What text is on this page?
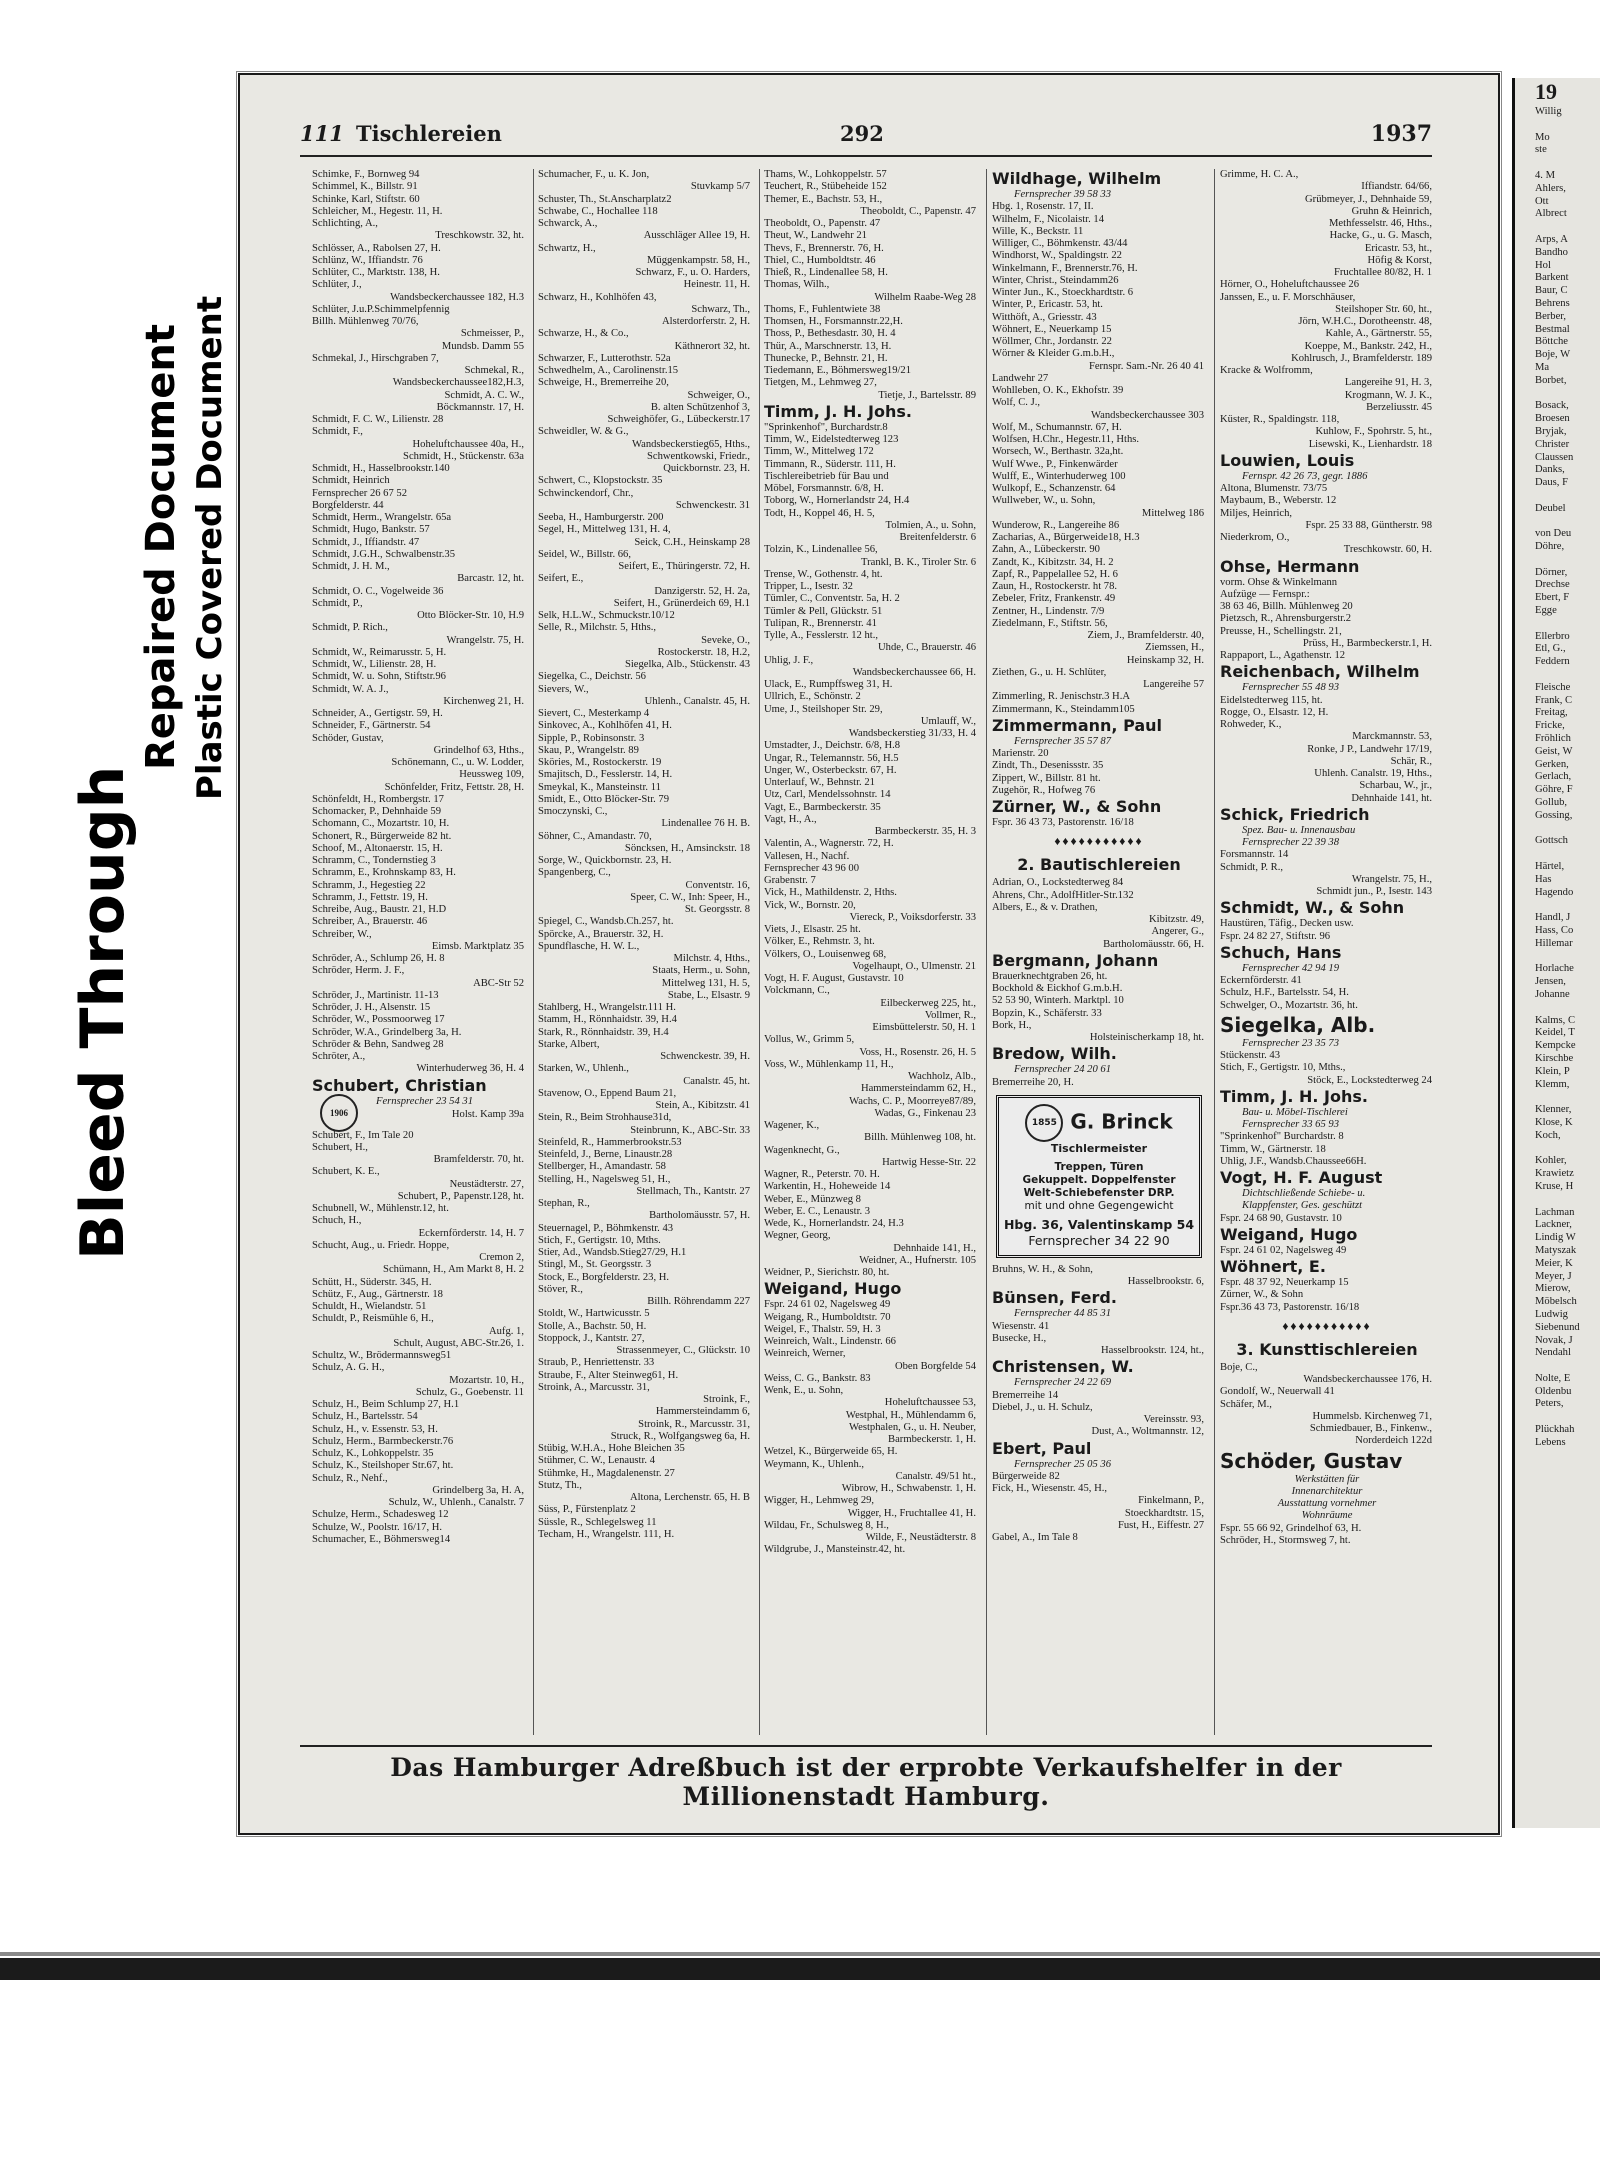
Bleed Through
Repaired Document Plastic Covered Document
111 Tischlereien	292	1937
Schimke, F., Bornweg 94
Schimmel, K., Billstr. 91
Schinke, Karl, Stiftstr. 60
Schleicher, M., Hegestr. 11, H.
Schlichting, A.,
Treschkowstr. 32, ht.
Schlösser, A., Rabolsen 27, H.
Schlünz, W., Iffiandstr. 76
Schlüter, C., Marktstr. 138, H.
Schlüter, J.,
Wandsbeckerchaussee 182, H.3
Schlüter, J.u.P.Schimmelpfennig
Billh. Mühlenweg 70/76,
Schmeisser, P.,
Mundsb. Damm 55
Schmekal, J., Hirschgraben 7,
Schmekal, R.,
Wandsbeckerchaussee182,H.3,
Schmidt, A. C. W.,
Böckmannstr. 17, H.
Schmidt, F. C. W., Lilienstr. 28
Schmidt, F.,
Hoheluftchaussee 40a, H.,
Schmidt, H., Stückenstr. 63a
Schmidt, H., Hasselbrookstr.140
Schmidt, Heinrich
Fernsprecher 26 67 52
Borgfelderstr. 44
Schmidt, Herm., Wrangelstr. 65a
Schmidt, Hugo, Bankstr. 57
Schmidt, J., Iffiandstr. 47
Schmidt, J.G.H., Schwalbenstr.35
Schmidt, J. H. M.,
Barcastr. 12, ht.
Schmidt, O. C., Vogelweide 36
Schmidt, P.,
Otto Blöcker-Str. 10, H.9
Schmidt, P. Rich.,
Wrangelstr. 75, H.
Schmidt, W., Reimarusstr. 5, H.
Schmidt, W., Lilienstr. 28, H.
Schmidt, W. u. Sohn, Stiftstr.96
Schmidt, W. A. J.,
Kirchenweg 21, H.
Schneider, A., Gertigstr. 59, H.
Schneider, F., Gärtnerstr. 54
Schöder, Gustav,
Grindelhof 63, Hths.,
Schönemann, C., u. W. Lodder,
Heussweg 109,
Schönfelder, Fritz, Fettstr. 28, H.
Schönfeldt, H., Rombergstr. 17
Schomacker, P., Dehnhaide 59
Schomann, C., Mozartstr. 10, H.
Schonert, R., Bürgerweide 82 ht.
Schoof, M., Altonaerstr. 15, H.
Schramm, C., Tondernstieg 3
Schramm, E., Krohnskamp 83, H.
Schramm, J., Hegestieg 22
Schramm, J., Fettstr. 19, H.
Schreibe, Aug., Baustr. 21, H.D
Schreiber, A., Brauerstr. 46
Schreiber, W.,
Eimsb. Marktplatz 35
Schröder, A., Schlump 26, H. 8
Schröder, Herm. J. F.,
ABC-Str 52
Schröder, J., Martinistr. 11-13
Schröder, J. H., Alsenstr. 15
Schröder, W., Possmoorweg 17
Schröder, W.A., Grindelberg 3a, H.
Schröder & Behn, Sandweg 28
Schröter, A.,
Winterhuderweg 36, H. 4
Schubert, Christian
1906
Fernsprecher 23 54 31
Holst. Kamp 39a
Schubert, F., Im Tale 20
Schubert, H.,
Bramfelderstr. 70, ht.
Schubert, K. E.,
Neustädterstr. 27,
Schubert, P., Papenstr.128, ht.
Schubnell, W., Mühlenstr.12, ht.
Schuch, H.,
Eckernförderstr. 14, H. 7
Schucht, Aug., u. Friedr. Hoppe,
Cremon 2,
Schümann, H., Am Markt 8, H. 2
Schütt, H., Süderstr. 345, H.
Schütz, F., Aug., Gärtnerstr. 18
Schuldt, H., Wielandstr. 51
Schuldt, P., Reismühle 6, H.,
Aufg. 1,
Schult, August, ABC-Str.26, 1.
Schultz, W., Brödermannsweg51
Schulz, A. G. H.,
Mozartstr. 10, H.,
Schulz, G., Goebenstr. 11
Schulz, H., Beim Schlump 27, H.1
Schulz, H., Bartelsstr. 54
Schulz, H., v. Essenstr. 53, H.
Schulz, Herm., Barmbeckerstr.76
Schulz, K., Lohkoppelstr. 35
Schulz, K., Steilshoper Str.67, ht.
Schulz, R., Nehf.,
Grindelberg 3a, H. A,
Schulz, W., Uhlenh., Canalstr. 7
Schulze, Herm., Schadesweg 12
Schulze, W., Poolstr. 16/17, H.
Schumacher, E., Böhmersweg14
Schumacher, F., u. K. Jon,
Stuvkamp 5/7
Schuster, Th., St.Anscharplatz2
Schwabe, C., Hochallee 118
Schwarck, A.,
Ausschläger Allee 19, H.
Schwartz, H.,
Müggenkampstr. 58, H.,
Schwarz, F., u. O. Harders,
Heinestr. 11, H.
Schwarz, H., Kohlhöfen 43,
Schwarz, Th.,
Alsterdorferstr. 2, H.
Schwarze, H., & Co.,
Käthnerort 32, ht.
Schwarzer, F., Lutterothstr. 52a
Schwedhelm, A., Carolinenstr.15
Schweige, H., Bremerreihe 20,
Schweiger, O.,
B. alten Schützenhof 3,
Schweighöfer, G., Lübeckerstr.17
Schweidler, W. & G.,
Wandsbeckerstieg65, Hths.,
Schwentkowski, Friedr.,
Quickbornstr. 23, H.
Schwert, C., Klopstockstr. 35
Schwinckendorf, Chr.,
Schwenckestr. 31
Seeba, H., Hamburgerstr. 200
Segel, H., Mittelweg 131, H. 4,
Seick, C.H., Heinskamp 28
Seidel, W., Billstr. 66,
Seifert, E., Thüringerstr. 72, H.
Seifert, E.,
Danzigerstr. 52, H. 2a,
Seifert, H., Grünerdeich 69, H.1
Selk, H.L.W., Schmuckstr.10/12
Selle, R., Milchstr. 5, Hths.,
Seveke, O.,
Rostockerstr. 18, H.2,
Siegelka, Alb., Stückenstr. 43
Siegelka, C., Deichstr. 56
Sievers, W.,
Uhlenh., Canalstr. 45, H.
Sievert, C., Mesterkamp 4
Sinkovec, A., Kohlhöfen 41, H.
Sipple, P., Robinsonstr. 3
Skau, P., Wrangelstr. 89
Sköries, M., Rostockerstr. 19
Smajitsch, D., Fesslerstr. 14, H.
Smeykal, K., Mansteinstr. 11
Smidt, E., Otto Blöcker-Str. 79
Smoczynski, C.,
Lindenallee 76 H. B.
Söhner, C., Amandastr. 70,
Söncksen, H., Amsinckstr. 18
Sorge, W., Quickbornstr. 23, H.
Spangenberg, C.,
Conventstr. 16,
Speer, C. W., Inh: Speer, H.,
St. Georgsstr. 8
Spiegel, C., Wandsb.Ch.257, ht.
Spörcke, A., Brauerstr. 32, H.
Spundflasche, H. W. L.,
Milchstr. 4, Hths.,
Staats, Herm., u. Sohn,
Mittelweg 131, H. 5,
Stabe, L., Elsastr. 9
Stahlberg, H., Wrangelstr.111 H.
Stamm, H., Rönnhaidstr. 39, H.4
Stark, R., Rönnhaidstr. 39, H.4
Starke, Albert,
Schwenckestr. 39, H.
Starken, W., Uhlenh.,
Canalstr. 45, ht.
Stavenow, O., Eppend Baum 21,
Stein, A., Kibitzstr. 41
Stein, R., Beim Strohhause31d,
Steinbrunn, K., ABC-Str. 33
Steinfeld, R., Hammerbrookstr.53
Steinfeld, J., Berne, Linaustr.28
Stellberger, H., Amandastr. 58
Stelling, H., Nagelsweg 51, H.,
Stellmach, Th., Kantstr. 27
Stephan, R.,
Bartholomäusstr. 57, H.
Steuernagel, P., Böhmkenstr. 43
Stich, F., Gertigstr. 10, Mths.
Stier, Ad., Wandsb.Stieg27/29, H.1
Stingl, M., St. Georgsstr. 3
Stock, E., Borgfelderstr. 23, H.
Stöver, R.,
Billh. Röhrendamm 227
Stoldt, W., Hartwicusstr. 5
Stolle, A., Bachstr. 50, H.
Stoppock, J., Kantstr. 27,
Strassenmeyer, C., Glückstr. 10
Straub, P., Henriettenstr. 33
Straube, F., Alter Steinweg61, H.
Stroink, A., Marcusstr. 31,
Stroink, F.,
Hammersteindamm 6,
Stroink, R., Marcusstr. 31,
Struck, R., Wolfgangsweg 6a, H.
Stübig, W.H.A., Hohe Bleichen 35
Stühmer, C. W., Lenaustr. 4
Stühmke, H., Magdalenenstr. 27
Stutz, Th.,
Altona, Lerchenstr. 65, H. B
Süss, P., Fürstenplatz 2
Süssle, R., Schlegelsweg 11
Techam, H., Wrangelstr. 111, H.
Thams, W., Lohkoppelstr. 57
Teuchert, R., Stübeheide 152
Themer, E., Bachstr. 53, H.,
Theoboldt, C., Papenstr. 47
Theoboldt, O., Papenstr. 47
Theut, W., Landwehr 21
Thevs, F., Brennerstr. 76, H.
Thiel, C., Humboldtstr. 46
Thieß, R., Lindenallee 58, H.
Thomas, Wilh.,
Wilhelm Raabe-Weg 28
Thoms, F., Fuhlentwiete 38
Thomsen, H., Forsmannstr.22,H.
Thoss, P., Bethesdastr. 30, H. 4
Thür, A., Marschnerstr. 13, H.
Thunecke, P., Behnstr. 21, H.
Tiedemann, E., Böhmersweg19/21
Tietgen, M., Lehmweg 27,
Tietje, J., Bartelsstr. 89
Timm, J. H. Johs.
"Sprinkenhof", Burchardstr.8
Timm, W., Eidelstedterweg 123
Timm, W., Mittelweg 172
Timmann, R., Süderstr. 111, H.
Tischlereibetrieb für Bau und
Möbel, Forsmannstr. 6/8, H.
Toborg, W., Hornerlandstr 24, H.4
Todt, H., Koppel 46, H. 5,
Tolmien, A., u. Sohn,
Breitenfelderstr. 6
Tolzin, K., Lindenallee 56,
Trankl, B. K., Tiroler Str. 6
Trense, W., Gothenstr. 4, ht.
Tripper, L., Isestr. 32
Tümler, C., Conventstr. 5a, H. 2
Tümler & Pell, Glückstr. 51
Tulipan, R., Brennerstr. 41
Tylle, A., Fesslerstr. 12 ht.,
Uhde, C., Brauerstr. 46
Uhlig, J. F.,
Wandsbeckerchaussee 66, H.
Ulack, E., Rumpffsweg 31, H.
Ullrich, E., Schönstr. 2
Ume, J., Steilshoper Str. 29,
Umlauff, W.,
Wandsbeckerstieg 31/33, H. 4
Umstadter, J., Deichstr. 6/8, H.8
Ungar, R., Telemannstr. 56, H.5
Unger, W., Osterbeckstr. 67, H.
Unterlauf, W., Behnstr. 21
Utz, Carl, Mendelssohnstr. 14
Vagt, E., Barmbeckerstr. 35
Vagt, H., A.,
Barmbeckerstr. 35, H. 3
Valentin, A., Wagnerstr. 72, H.
Vallesen, H., Nachf.
Fernsprecher 43 96 00
Grabenstr. 7
Vick, H., Mathildenstr. 2, Hths.
Vick, W., Bornstr. 20,
Viereck, P., Voiksdorferstr. 33
Viets, J., Elsastr. 25 ht.
Völker, E., Rehmstr. 3, ht.
Völkers, O., Louisenweg 68,
Vogelhaupt, O., Ulmenstr. 21
Vogt, H. F. August, Gustavstr. 10
Volckmann, C.,
Eilbeckerweg 225, ht.,
Vollmer, R.,
Eimsbüttelerstr. 50, H. 1
Vollus, W., Grimm 5,
Voss, H., Rosenstr. 26, H. 5
Voss, W., Mühlenkamp 11, H.,
Wachholz, Alb.,
Hammersteindamm 62, H.,
Wachs, C. P., Moorreye87/89,
Wadas, G., Finkenau 23
Wagener, K.,
Billh. Mühlenweg 108, ht.
Wagenknecht, G.,
Hartwig Hesse-Str. 22
Wagner, R., Peterstr. 70. H.
Warkentin, H., Hoheweide 14
Weber, E., Münzweg 8
Weber, E. C., Lenaustr. 3
Wede, K., Hornerlandstr. 24, H.3
Wegner, Georg,
Dehnhaide 141, H.,
Weidner, A., Hufnerstr. 105
Weidner, P., Sierichstr. 80, ht.
Weigand, Hugo
Fspr. 24 61 02, Nagelsweg 49
Weigang, R., Humboldtstr. 70
Weigel, F., Thalstr. 59, H. 3
Weinreich, Walt., Lindenstr. 66
Weinreich, Werner,
Oben Borgfelde 54
Weiss, C. G., Bankstr. 83
Wenk, E., u. Sohn,
Hoheluftchaussee 53,
Westphal, H., Mühlendamm 6,
Westphalen, G., u. H. Neuber,
Barmbeckerstr. 1, H.
Wetzel, K., Bürgerweide 65, H.
Weymann, K., Uhlenh.,
Canalstr. 49/51 ht.,
Wibrow, H., Schwabenstr. 1, H.
Wigger, H., Lehmweg 29,
Wigger, H., Fruchtallee 41, H.
Wildau, Fr., Schulsweg 8, H.,
Wilde, F., Neustädterstr. 8
Wildgrube, J., Mansteinstr.42, ht.
Wildhage, Wilhelm
Fernsprecher 39 58 33
Hbg. 1, Rosenstr. 17, II.
Wilhelm, F., Nicolaistr. 14
Wille, K., Beckstr. 11
Williger, C., Böhmkenstr. 43/44
Windhorst, W., Spaldingstr. 22
Winkelmann, F., Brennerstr.76, H.
Winter, Christ., Steindamm26
Winter Jun., K., Stoeckhardtstr. 6
Winter, P., Ericastr. 53, ht.
Witthöft, A., Griesstr. 43
Wöhnert, E., Neuerkamp 15
Wöllmer, Chr., Jordanstr. 22
Wörner & Kleider G.m.b.H.,
Fernspr. Sam.-Nr. 26 40 41
Landwehr 27
Wohlleben, O. K., Ekhofstr. 39
Wolf, C. J.,
Wandsbeckerchaussee 303
Wolf, M., Schumannstr. 67, H.
Wolfsen, H.Chr., Hegestr.11, Hths.
Worsech, W., Berthastr. 32a,ht.
Wulf Wwe., P., Finkenwärder
Wulff, E., Winterhuderweg 100
Wulkopf, E., Schanzenstr. 64
Wullweber, W., u. Sohn,
Mittelweg 186
Wunderow, R., Langereihe 86
Zacharias, A., Bürgerweide18, H.3
Zahn, A., Lübeckerstr. 90
Zandt, K., Kibitzstr. 34, H. 2
Zapf, R., Pappelallee 52, H. 6
Zaun, H., Rostockerstr. ht 78.
Zebeler, Fritz, Frankenstr. 49
Zentner, H., Lindenstr. 7/9
Ziedelmann, F., Stiftstr. 56,
Ziem, J., Bramfelderstr. 40,
Ziemssen, H.,
Heinskamp 32, H.
Ziethen, G., u. H. Schlüter,
Langereihe 57
Zimmerling, R. Jenischstr.3 H.A
Zimmermann, K., Steindamm105
Zimmermann, Paul
Fernsprecher 35 57 87
Marienstr. 20
Zindt, Th., Desenissstr. 35
Zippert, W., Billstr. 81 ht.
Zugehör, R., Hofweg 76
Zürner, W., & Sohn
Fspr. 36 43 73, Pastorenstr. 16/18
♦♦♦♦♦♦♦♦♦♦♦
2. Bautischlereien
Adrian, O., Lockstedterweg 84
Ahrens, Chr., AdolfHitler-Str.132
Albers, E., & v. Drathen,
Kibitzstr. 49,
Angerer, G.,
Bartholomäusstr. 66, H.
Bergmann, Johann
Brauerknechtgraben 26, ht.
Bockhold & Eickhof G.m.b.H.
52 53 90, Winterh. Marktpl. 10
Bopzin, K., Schäferstr. 33
Bork, H.,
Holsteinischerkamp 18, ht.
Bredow, Wilh.
Fernsprecher 24 20 61
Bremerreihe 20, H.
1855 G. Brinck
Tischlermeister
Treppen, Türen
Gekuppelt. Doppelfenster
Welt-Schiebefenster DRP.
mit und ohne Gegengewicht
Hbg. 36, Valentinskamp 54
Fernsprecher 34 22 90
Bruhns, W. H., & Sohn,
Hasselbrookstr. 6,
Bünsen, Ferd.
Fernsprecher 44 85 31
Wiesenstr. 41
Busecke, H.,
Hasselbrookstr. 124, ht.,
Christensen, W.
Fernsprecher 24 22 69
Bremerreihe 14
Diebel, J., u. H. Schulz,
Vereinsstr. 93,
Dust, A., Woltmannstr. 12,
Ebert, Paul
Fernsprecher 25 05 36
Bürgerweide 82
Fick, H., Wiesenstr. 45, H.,
Finkelmann, P.,
Stoeckhardtstr. 15,
Fust, H., Eiffestr. 27
Gabel, A., Im Tale 8
Grimme, H. C. A.,
Iffiandstr. 64/66,
Grübmeyer, J., Dehnhaide 59,
Gruhn & Heinrich,
Methfesselstr. 46, Hths.,
Hacke, G., u. G. Masch,
Ericastr. 53, ht.,
Höfig & Korst,
Fruchtallee 80/82, H. 1
Hörner, O., Hoheluftchaussee 26
Janssen, E., u. F. Morschhäuser,
Steilshoper Str. 60, ht.,
Jörn, W.H.C., Dorotheenstr. 48,
Kahle, A., Gärtnerstr. 55,
Koeppe, M., Bankstr. 242, H.,
Kohlrusch, J., Bramfelderstr. 189
Kracke & Wolfromm,
Langereihe 91, H. 3,
Krogmann, W. J. K.,
Berzeliusstr. 45
Küster, R., Spaldingstr. 118,
Kuhlow, F., Spohrstr. 5, ht.,
Lisewski, K., Lienhardstr. 18
Louwien, Louis
Fernspr. 42 26 73, gegr. 1886
Altona, Blumenstr. 73/75
Maybaum, B., Weberstr. 12
Miljes, Heinrich,
Fspr. 25 33 88, Güntherstr. 98
Niederkrom, O.,
Treschkowstr. 60, H.
Ohse, Hermann
vorm. Ohse & Winkelmann
Aufzüge — Fernspr.:
38 63 46, Billh. Mühlenweg 20
Pietzsch, R., Ahrensburgerstr.2
Preusse, H., Schellingstr. 21,
Prüss, H., Barmbeckerstr.1, H.
Rappaport, L., Agathenstr. 12
Reichenbach, Wilhelm
Fernsprecher 55 48 93
Eidelstedterweg 115, ht.
Rogge, O., Elsastr. 12, H.
Rohweder, K.,
Marckmannstr. 53,
Ronke, J P., Landwehr 17/19,
Schär, R.,
Uhlenh. Canalstr. 19, Hths.,
Scharbau, W., jr.,
Dehnhaide 141, ht.
Schick, Friedrich
Spez. Bau- u. Innenausbau
Fernsprecher 22 39 38
Forsmannstr. 14
Schmidt, P. R.,
Wrangelstr. 75, H.,
Schmidt jun., P., Isestr. 143
Schmidt, W., & Sohn
Haustüren, Täfig., Decken usw.
Fspr. 24 82 27, Stiftstr. 96
Schuch, Hans
Fernsprecher 42 94 19
Eckernförderstr. 41
Schulz, H.F., Bartelsstr. 54, H.
Schwelger, O., Mozartstr. 36, ht.
Siegelka, Alb.
Fernsprecher 23 35 73
Stückenstr. 43
Stich, F., Gertigstr. 10, Mths.,
Stöck, E., Lockstedterweg 24
Timm, J. H. Johs.
Bau- u. Möbel-Tischlerei
Fernsprecher 33 65 93
"Sprinkenhof" Burchardstr. 8
Timm, W., Gärtnerstr. 18
Uhlig, J.F., Wandsb.Chaussee66H.
Vogt, H. F. August
Dichtschließende Schiebe- u.
Klappfenster, Ges. geschützt
Fspr. 24 68 90, Gustavstr. 10
Weigand, Hugo
Fspr. 24 61 02, Nagelsweg 49
Wöhnert, E.
Fspr. 48 37 92, Neuerkamp 15
Zürner, W., & Sohn
Fspr.36 43 73, Pastorenstr. 16/18
♦♦♦♦♦♦♦♦♦♦♦
3. Kunsttischlereien
Boje, C.,
Wandsbeckerchaussee 176, H.
Gondolf, W., Neuerwall 41
Schäfer, M.,
Hummelsb. Kirchenweg 71,
Schmiedbauer, B., Finkenw.,
Norderdeich 122d
Schöder, Gustav
Werkstätten für
Innenarchitektur
Ausstattung vornehmer
Wohnräume
Fspr. 55 66 92, Grindelhof 63, H.
Schröder, H., Stormsweg 7, ht.
Das Hamburger Adreßbuch ist der erprobte Verkaufshelfer in der Millionenstadt Hamburg.
19
Willig
Mo
ste
4. M
Ahlers,
Ott
Albrect
Arps, A
Bandho
Hol
Barkent
Baur, C
Behrens
Berber,
Bestmal
Böttche
Boje, W
Ma
Borbet,
Bosack,
Broesen
Bryjak,
Christer
Claussen
Danks,
Daus, F
Deubel
von Deu
Döhre,
Dörner,
Drechse
Ebert, F
Egge
Ellerbro
Etl, G.,
Feddern
Fleische
Frank, C
Freitag,
Fricke,
Fröhlich
Geist, W
Gerken,
Gerlach,
Göhre, F
Gollub,
Gossing,
Gottsch
Härtel,
Has
Hagendo
Handl, J
Hass, Co
Hillemar
Horlache
Jensen,
Johanne
Kalms, C
Keidel, T
Kempcke
Kirschbe
Klein, P
Klemm,
Klenner,
Klose, K
Koch,
Kohler,
Krawietz
Kruse, H
Lachman
Lackner,
Lindig W
Matyszak
Meier, K
Meyer, J
Mierow,
Möbelsch
Ludwig
Siebenund
Novak, J
Nendahl
Nolte, E
Oldenbu
Peters,
Plückhah
Lebens
